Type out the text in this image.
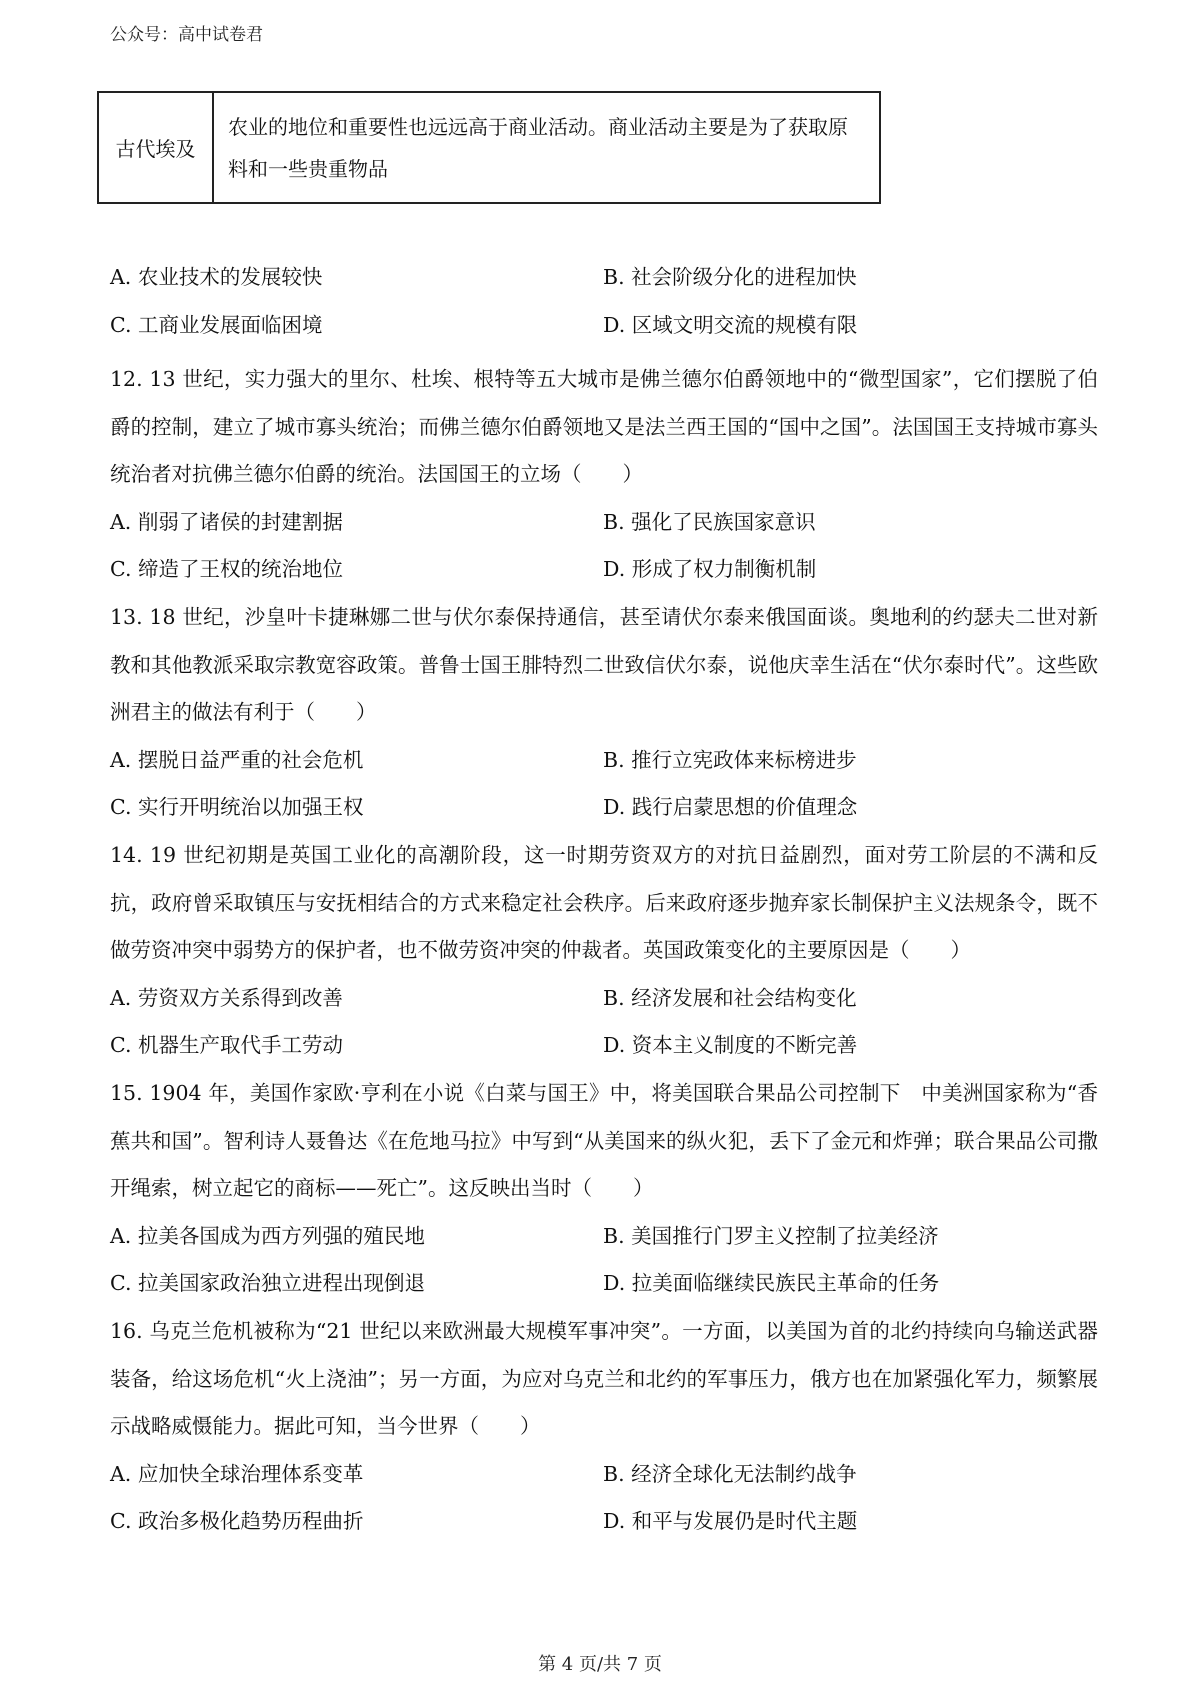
公众号：高中试卷君
古代埃及	农业的地位和重要性也远远高于商业活动。商业活动主要是为了获取原料和一些贵重物品
A. 农业技术的发展较快	B. 社会阶级分化的进程加快
C. 工商业发展面临困境	D. 区域文明交流的规模有限

12. 13 世纪，实力强大的里尔、杜埃、根特等五大城市是佛兰德尔伯爵领地中的“微型国家”，它们摆脱了伯爵的控制，建立了城市寡头统治；而佛兰德尔伯爵领地又是法兰西王国的“国中之国”。法国国王支持城市寡头统治者对抗佛兰德尔伯爵的统治。法国国王的立场（　　）

A. 削弱了诸侯的封建割据	B. 强化了民族国家意识
C. 缔造了王权的统治地位	D. 形成了权力制衡机制

13. 18 世纪，沙皇叶卡捷琳娜二世与伏尔泰保持通信，甚至请伏尔泰来俄国面谈。奥地利的约瑟夫二世对新教和其他教派采取宗教宽容政策。普鲁士国王腓特烈二世致信伏尔泰，说他庆幸生活在“伏尔泰时代”。这些欧洲君主的做法有利于（　　）

A. 摆脱日益严重的社会危机	B. 推行立宪政体来标榜进步
C. 实行开明统治以加强王权	D. 践行启蒙思想的价值理念

14. 19 世纪初期是英国工业化的高潮阶段，这一时期劳资双方的对抗日益剧烈，面对劳工阶层的不满和反抗，政府曾采取镇压与安抚相结合的方式来稳定社会秩序。后来政府逐步抛弃家长制保护主义法规条令，既不做劳资冲突中弱势方的保护者，也不做劳资冲突的仲裁者。英国政策变化的主要原因是（　　）

A. 劳资双方关系得到改善	B. 经济发展和社会结构变化
C. 机器生产取代手工劳动	D. 资本主义制度的不断完善

15. 1904 年，美国作家欧·亨利在小说《白菜与国王》中，将美国联合果品公司控制下　中美洲国家称为“香蕉共和国”。智利诗人聂鲁达《在危地马拉》中写到“从美国来的纵火犯，丢下了金元和炸弹；联合果品公司撒开绳索，树立起它的商标——死亡”。这反映出当时（　　）

A. 拉美各国成为西方列强的殖民地	B. 美国推行门罗主义控制了拉美经济
C. 拉美国家政治独立进程出现倒退	D. 拉美面临继续民族民主革命的任务

16. 乌克兰危机被称为“21 世纪以来欧洲最大规模军事冲突”。一方面，以美国为首的北约持续向乌输送武器装备，给这场危机“火上浇油”；另一方面，为应对乌克兰和北约的军事压力，俄方也在加紧强化军力，频繁展示战略威慑能力。据此可知，当今世界（　　）

A. 应加快全球治理体系变革	B. 经济全球化无法制约战争
C. 政治多极化趋势历程曲折	D. 和平与发展仍是时代主题
第 4 页/共 7 页
